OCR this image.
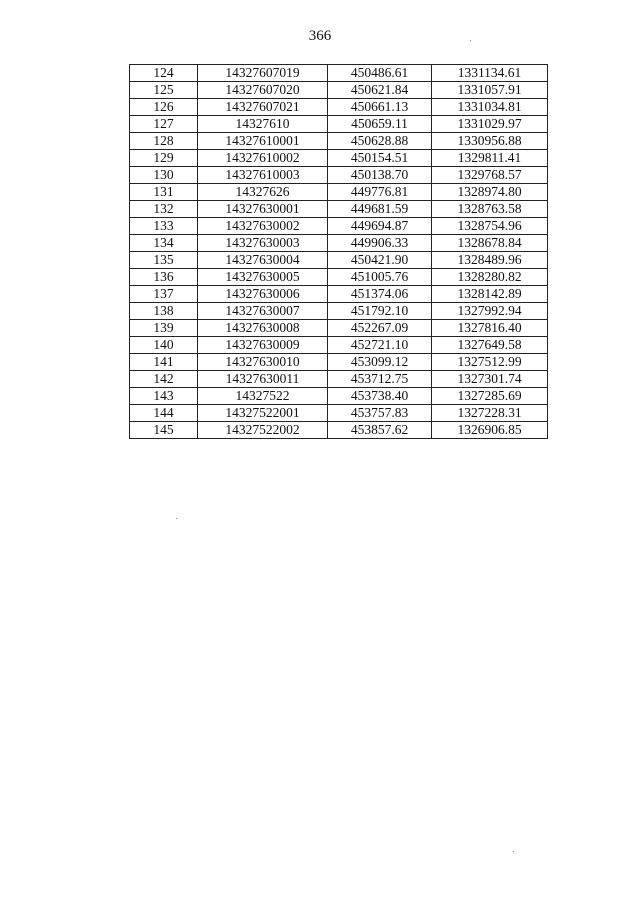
366
124	14327607019	450486.61	1331134.61
125	14327607020	450621.84	1331057.91
126	14327607021	450661.13	1331034.81
127	14327610	450659.11	1331029.97
128	14327610001	450628.88	1330956.88
129	14327610002	450154.51	1329811.41
130	14327610003	450138.70	1329768.57
131	14327626	449776.81	1328974.80
132	14327630001	449681.59	1328763.58
133	14327630002	449694.87	1328754.96
134	14327630003	449906.33	1328678.84
135	14327630004	450421.90	1328489.96
136	14327630005	451005.76	1328280.82
137	14327630006	451374.06	1328142.89
138	14327630007	451792.10	1327992.94
139	14327630008	452267.09	1327816.40
140	14327630009	452721.10	1327649.58
141	14327630010	453099.12	1327512.99
142	14327630011	453712.75	1327301.74
143	14327522	453738.40	1327285.69
144	14327522001	453757.83	1327228.31
145	14327522002	453857.62	1326906.85
